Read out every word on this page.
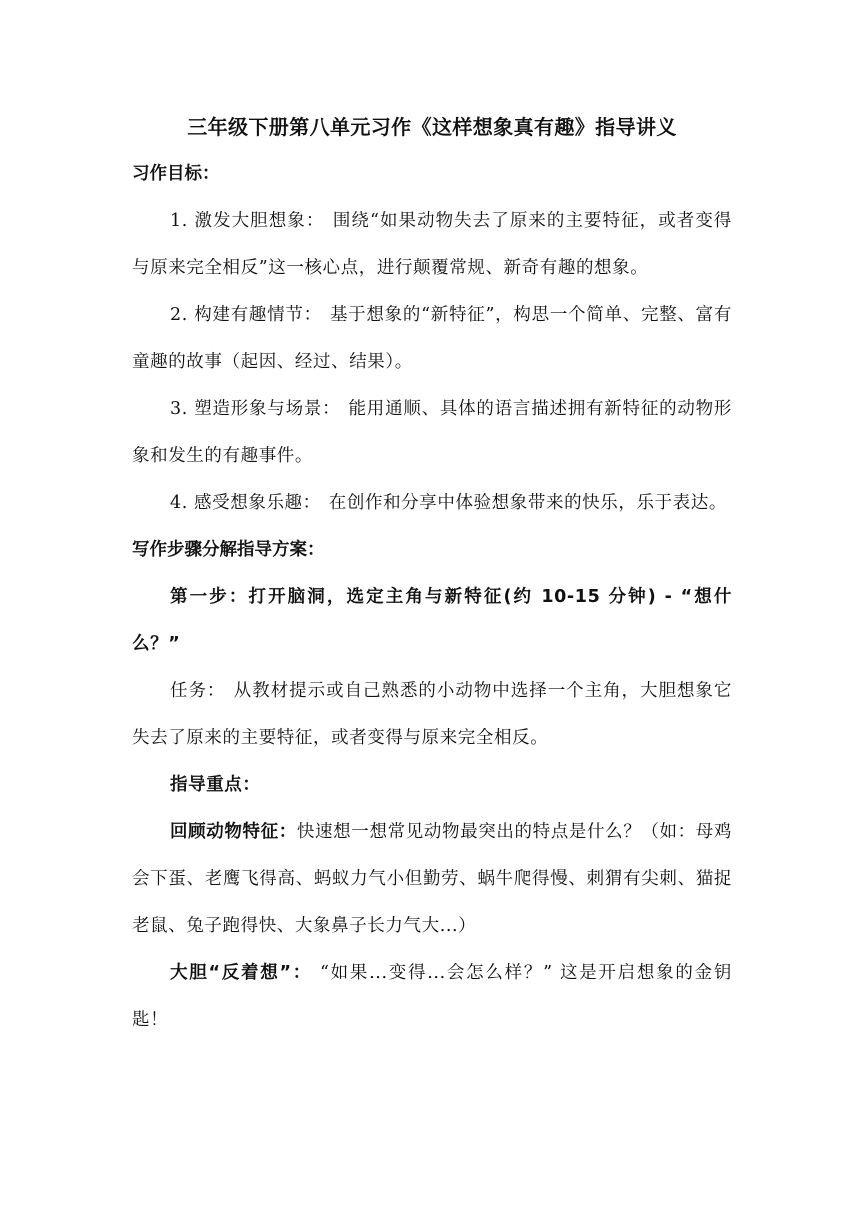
三年级下册第八单元习作《这样想象真有趣》指导讲义
习作目标：

1. 激发大胆想象： 围绕“如果动物失去了原来的主要特征，或者变得与原来完全相反”这一核心点，进行颠覆常规、新奇有趣的想象。

2. 构建有趣情节： 基于想象的“新特征”，构思一个简单、完整、富有童趣的故事（起因、经过、结果）。

3. 塑造形象与场景： 能用通顺、具体的语言描述拥有新特征的动物形象和发生的有趣事件。

4. 感受想象乐趣： 在创作和分享中体验想象带来的快乐，乐于表达。

写作步骤分解指导方案：

第一步：打开脑洞，选定主角与新特征(约 10-15 分钟) - “想什么？”

任务： 从教材提示或自己熟悉的小动物中选择一个主角，大胆想象它失去了原来的主要特征，或者变得与原来完全相反。

指导重点：

回顾动物特征：快速想一想常见动物最突出的特点是什么？（如：母鸡会下蛋、老鹰飞得高、蚂蚁力气小但勤劳、蜗牛爬得慢、刺猬有尖刺、猫捉老鼠、兔子跑得快、大象鼻子长力气大...）

大胆“反着想”： “如果...变得...会怎么样？” 这是开启想象的金钥匙！
